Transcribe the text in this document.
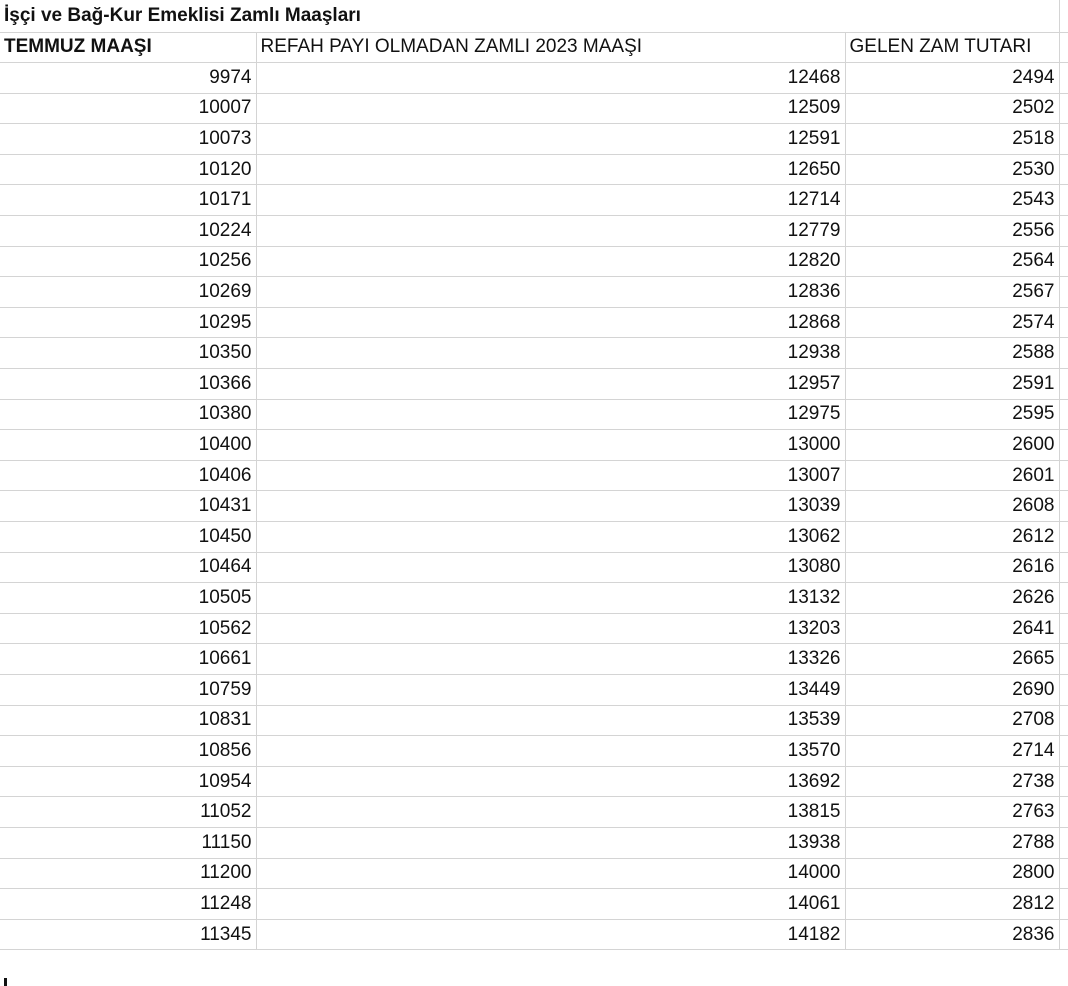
İşçi ve Bağ-Kur Emeklisi Zamlı Maaşları			
TEMMUZ MAAŞI	REFAH PAYI OLMADAN ZAMLI 2023 MAAŞI	GELEN ZAM TUTARI	
9974	12468	2494	
10007	12509	2502	
10073	12591	2518	
10120	12650	2530	
10171	12714	2543	
10224	12779	2556	
10256	12820	2564	
10269	12836	2567	
10295	12868	2574	
10350	12938	2588	
10366	12957	2591	
10380	12975	2595	
10400	13000	2600	
10406	13007	2601	
10431	13039	2608	
10450	13062	2612	
10464	13080	2616	
10505	13132	2626	
10562	13203	2641	
10661	13326	2665	
10759	13449	2690	
10831	13539	2708	
10856	13570	2714	
10954	13692	2738	
11052	13815	2763	
11150	13938	2788	
11200	14000	2800	
11248	14061	2812	
11345	14182	2836	
